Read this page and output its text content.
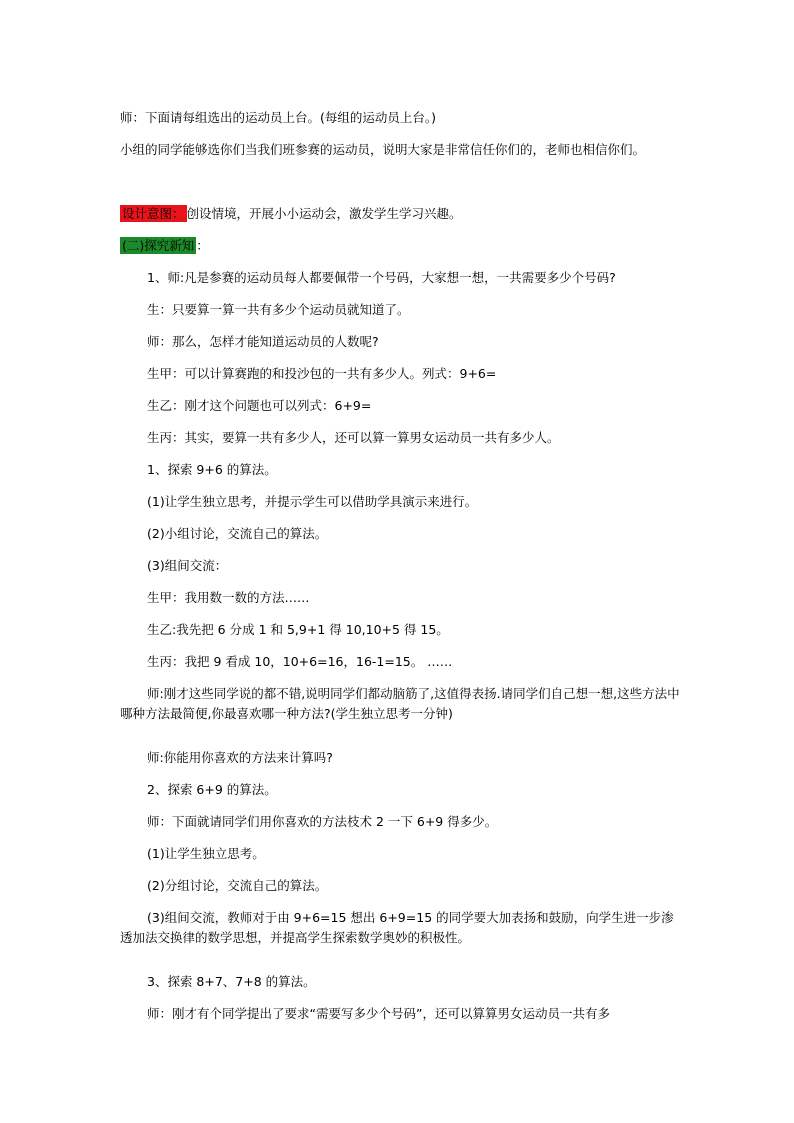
师：下面请每组选出的运动员上台。(每组的运动员上台。)

小组的同学能够选你们当我们班参赛的运动员，说明大家是非常信任你们的，老师也相信你们。

设计意图： 创设情境，开展小小运动会，激发学生学习兴趣。

(二)探究新知 ：

1、师:凡是参赛的运动员每人都要佩带一个号码，大家想一想，一共需要多少个号码?

生：只要算一算一共有多少个运动员就知道了。

师：那么，怎样才能知道运动员的人数呢?

生甲：可以计算赛跑的和投沙包的一共有多少人。列式：9+6=

生乙：刚才这个问题也可以列式：6+9=

生丙：其实，要算一共有多少人，还可以算一算男女运动员一共有多少人。

1、探索 9+6 的算法。

(1)让学生独立思考，并提示学生可以借助学具演示来进行。

(2)小组讨论，交流自己的算法。

(3)组间交流：

生甲：我用数一数的方法……

生乙:我先把 6 分成 1 和 5,9+1 得 10,10+5 得 15。

生丙：我把 9 看成 10，10+6=16，16-1=15。 ……

师:刚才这些同学说的都不错,说明同学们都动脑筋了,这值得表扬.请同学们自己想一想,这些方法中哪种方法最简便,你最喜欢哪一种方法?(学生独立思考一分钟)

师:你能用你喜欢的方法来计算吗?

2、探索 6+9 的算法。

师：下面就请同学们用你喜欢的方法枝术 2 一下 6+9 得多少。

(1)让学生独立思考。

(2)分组讨论，交流自己的算法。

(3)组间交流，教师对于由 9+6=15 想出 6+9=15 的同学要大加表扬和鼓励，向学生进一步渗透加法交换律的数学思想，并提高学生探索数学奥妙的积极性。

3、探索 8+7、7+8 的算法。

师：刚才有个同学提出了要求“需要写多少个号码”，还可以算算男女运动员一共有多
